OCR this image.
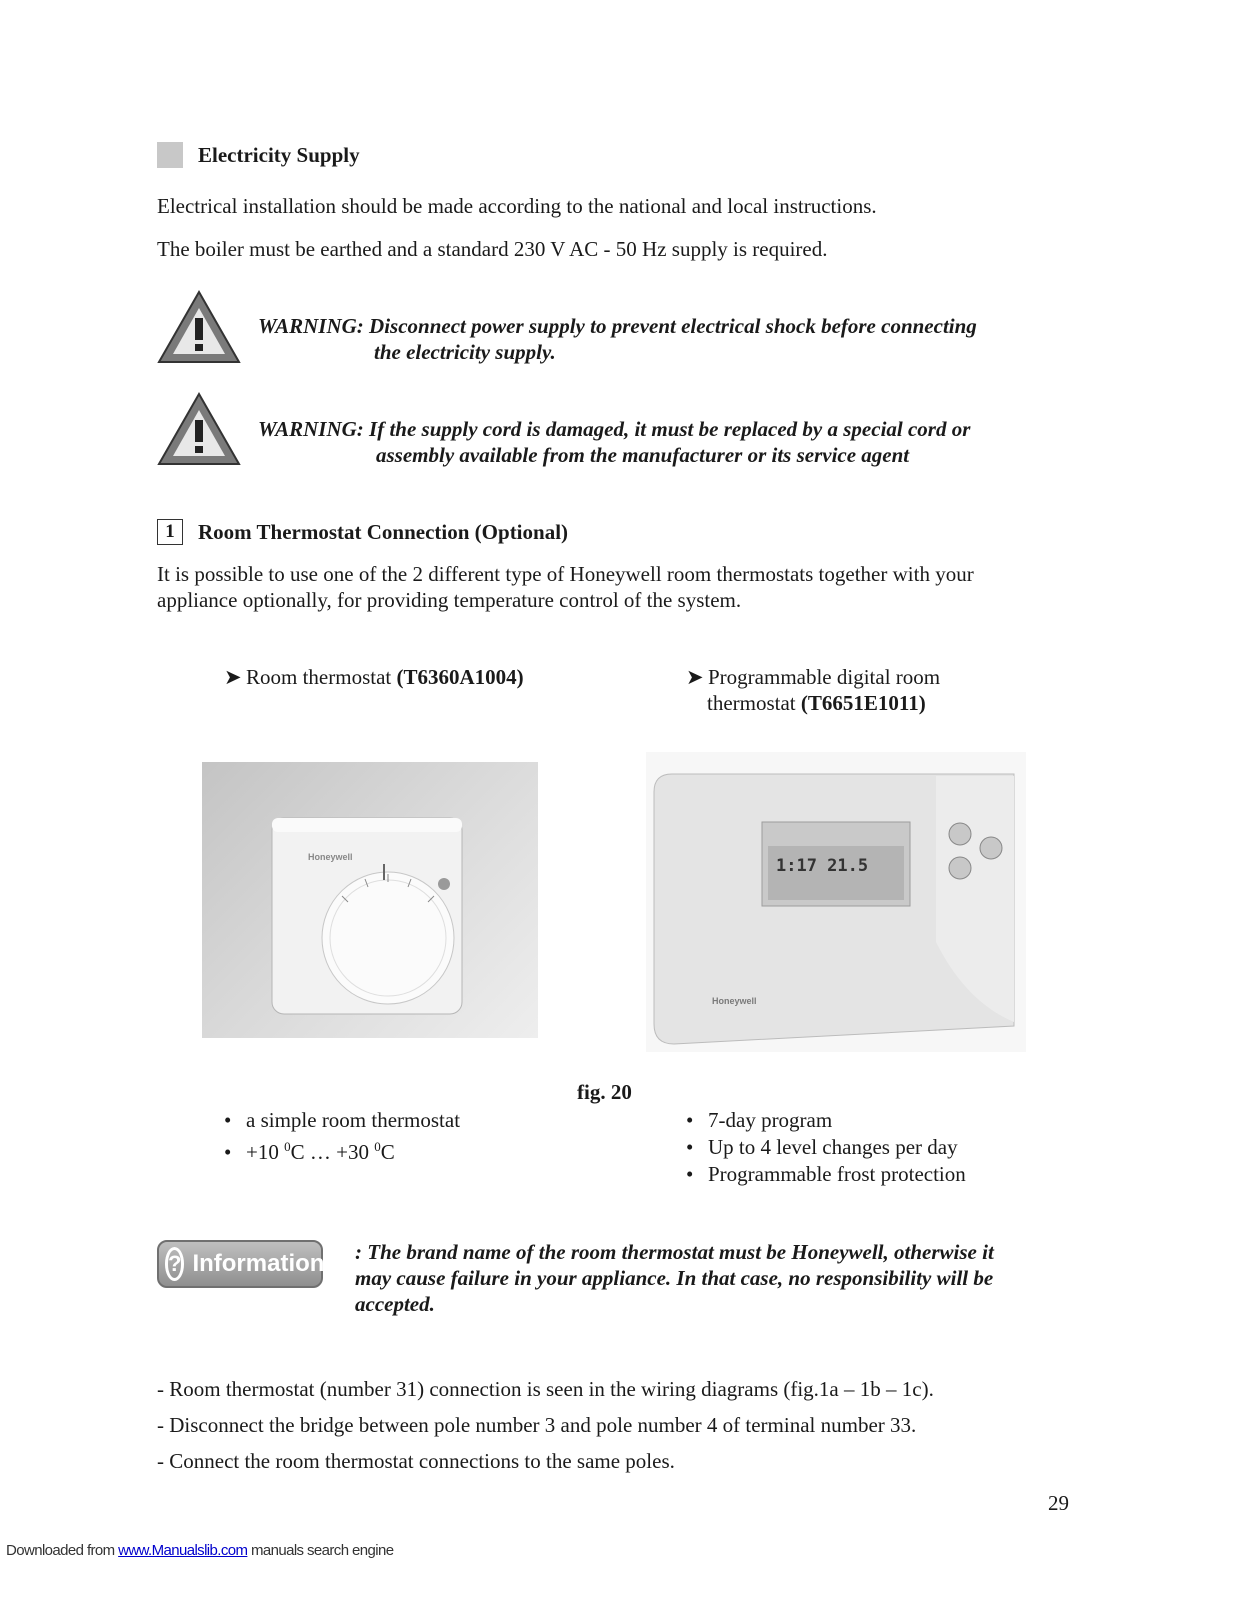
Electricity Supply
Electrical installation should be made according to the national and local instructions.
The boiler must be earthed and a standard 230 V AC - 50 Hz supply is required.
WARNING: Disconnect power supply to prevent electrical shock before connecting
the electricity supply.
WARNING: If the supply cord is damaged, it must be replaced by a special cord or
assembly available from the manufacturer or its service agent
1	Room Thermostat Connection (Optional)
It is possible to use one of the 2 different type of Honeywell room thermostats together with your
appliance optionally, for providing temperature control of the system.
➤ Room thermostat (T6360A1004)	➤ Programmable digital room
thermostat (T6651E1011)
Honeywell	1:17 21.5
Honeywell
fig. 20
• a simple room thermostat
• +10 $^0$C … +30 $^0$C
• 7-day program
• Up to 4 level changes per day
• Programmable frost protection
? Information : The brand name of the room thermostat must be Honeywell, otherwise it
may cause failure in your appliance. In that case, no responsibility will be
accepted.
- Room thermostat (number 31) connection is seen in the wiring diagrams (fig.1a – 1b – 1c).
- Disconnect the bridge between pole number 3 and pole number 4 of terminal number 33.
- Connect the room thermostat connections to the same poles.
29
Downloaded from www.Manualslib.com manuals search engine
